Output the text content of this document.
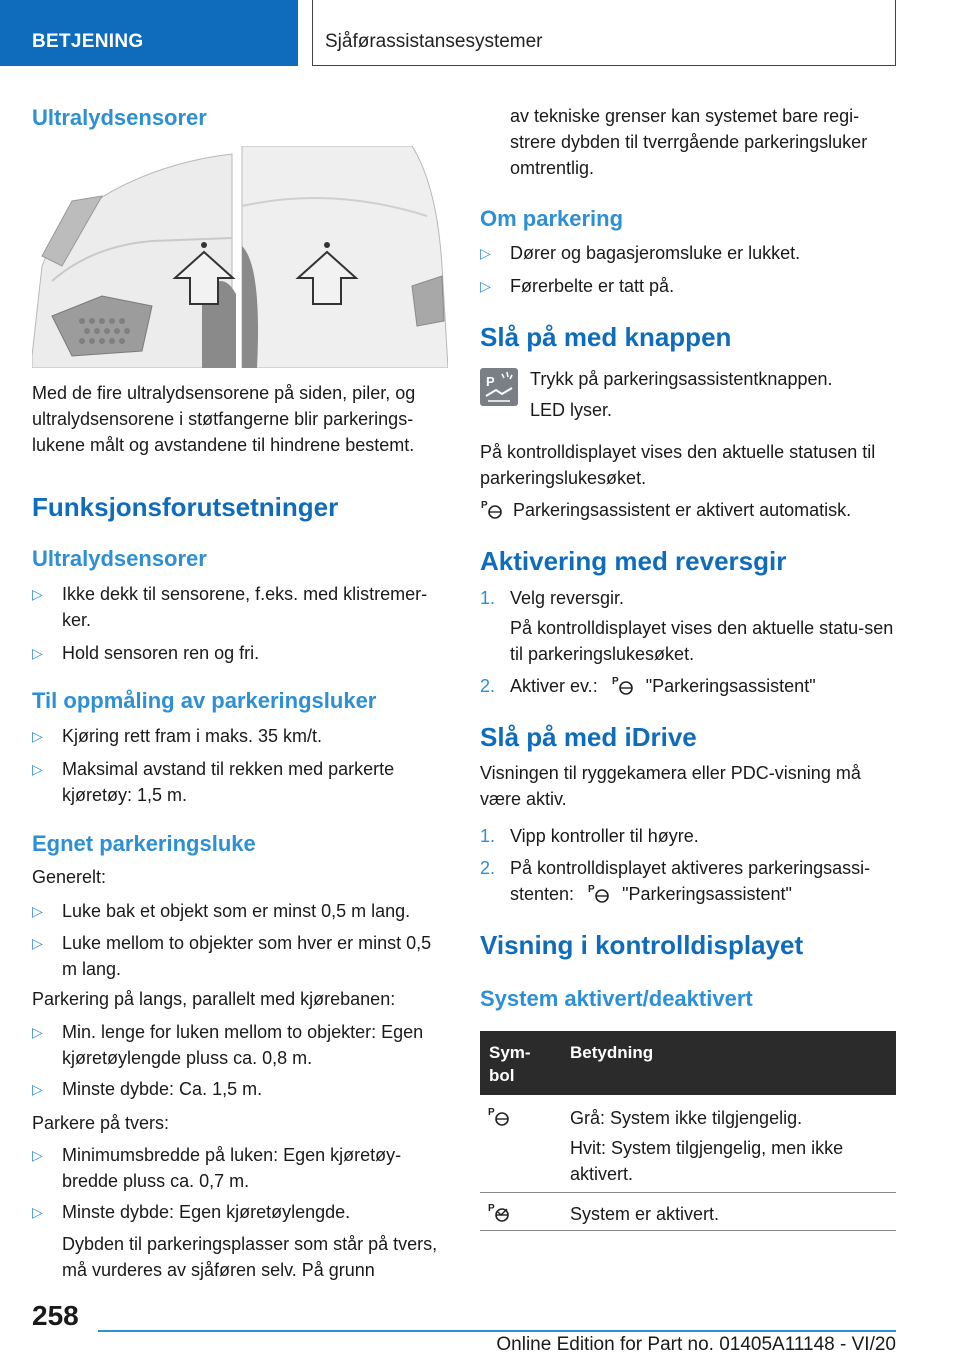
BETJENING	Sjåførassistansesystemer
Ultralydsensorer
Med de fire ultralydsensorene på siden, piler, og ultralydsensorene i støtfangerne blir parkerings-lukene målt og avstandene til hindrene bestemt.
Funksjonsforutsetninger
Ultralydsensorer
▷ Ikke dekk til sensorene, f.eks. med klistremer-ker.
▷ Hold sensoren ren og fri.
Til oppmåling av parkeringsluker
▷ Kjøring rett fram i maks. 35 km/t.
▷ Maksimal avstand til rekken med parkerte kjøretøy: 1,5 m.
Egnet parkeringsluke
Generelt:
▷ Luke bak et objekt som er minst 0,5 m lang.
▷ Luke mellom to objekter som hver er minst 0,5 m lang.
Parkering på langs, parallelt med kjørebanen:
▷ Min. lenge for luken mellom to objekter: Egen kjøretøylengde pluss ca. 0,8 m.
▷ Minste dybde: Ca. 1,5 m.
Parkere på tvers:
▷ Minimumsbredde på luken: Egen kjøretøy-bredde pluss ca. 0,7 m.
▷ Minste dybde: Egen kjøretøylengde.
Dybden til parkeringsplasser som står på tvers, må vurderes av sjåføren selv. På grunn
av tekniske grenser kan systemet bare regi-strere dybden til tverrgående parkeringsluker omtrentlig.
Om parkering
▷ Dører og bagasjeromsluke er lukket.
▷ Førerbelte er tatt på.
Slå på med knappen
P Trykk på parkeringsassistentknappen.
LED lyser.
På kontrolldisplayet vises den aktuelle statusen til parkeringslukesøket.
P Parkeringsassistent er aktivert automatisk.
Aktivering med reversgir
1. Velg reversgir.
På kontrolldisplayet vises den aktuelle statu-sen til parkeringslukesøket.
2. Aktiver ev.: P "Parkeringsassistent"
Slå på med iDrive
Visningen til ryggekamera eller PDC-visning må være aktiv.
1. Vipp kontroller til høyre.
2. På kontrolldisplayet aktiveres parkeringsassi-
stenten: P "Parkeringsassistent"
Visning i kontrolldisplayet
System aktivert/deaktivert
Sym-bol
Betydning
P	Grå: System ikke tilgjengelig.
Hvit: System tilgjengelig, men ikke aktivert.
P	System er aktivert.
258
Online Edition for Part no. 01405A11148 - VI/20
